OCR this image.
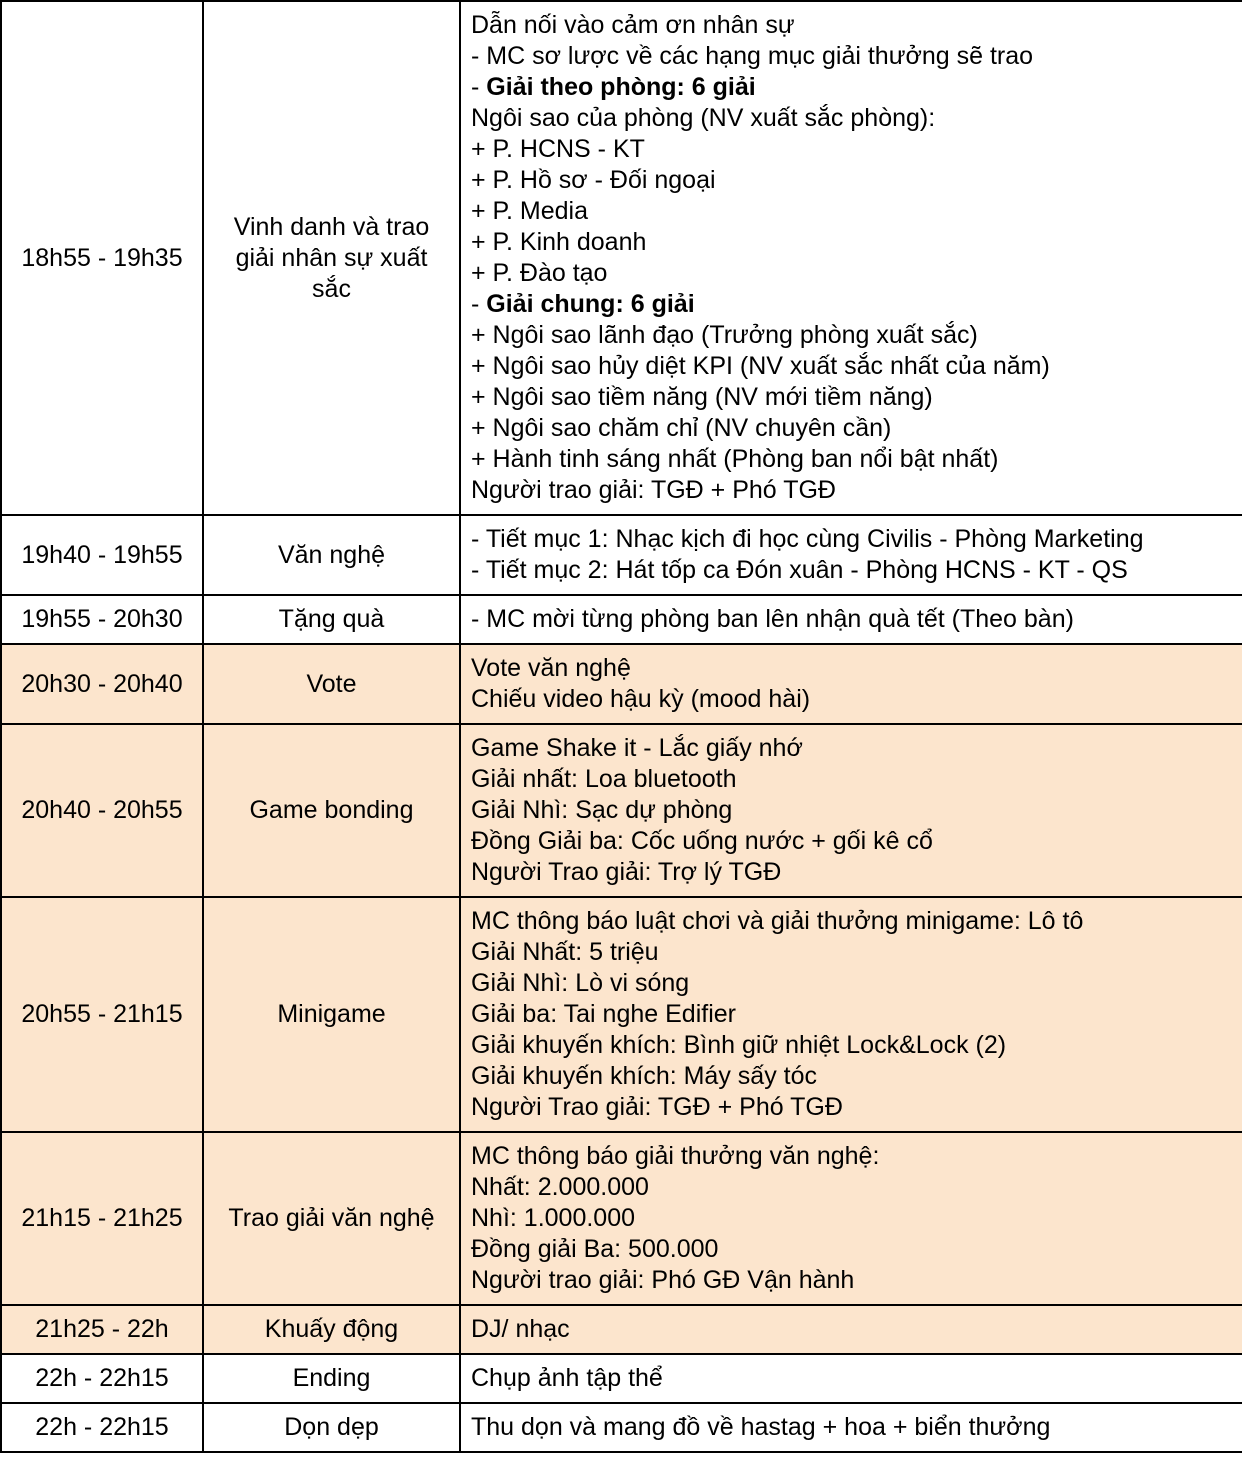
18h55 - 19h35	Vinh danh và trao giải nhân sự xuất sắc	
Dẫn nối vào cảm ơn nhân sự
- MC sơ lược về các hạng mục giải thưởng sẽ trao
- Giải theo phòng: 6 giải
Ngôi sao của phòng (NV xuất sắc phòng):
+ P. HCNS - KT
+ P. Hồ sơ - Đối ngoại
+ P. Media
+ P. Kinh doanh
+ P. Đào tạo
- Giải chung: 6 giải
+ Ngôi sao lãnh đạo (Trưởng phòng xuất sắc)
+ Ngôi sao hủy diệt KPI (NV xuất sắc nhất của năm)
+ Ngôi sao tiềm năng (NV mới tiềm năng)
+ Ngôi sao chăm chỉ (NV chuyên cần)
+ Hành tinh sáng nhất (Phòng ban nổi bật nhất)
Người trao giải: TGĐ + Phó TGĐ

19h40 - 19h55	Văn nghệ	- Tiết mục 1: Nhạc kịch đi học cùng Civilis - Phòng Marketing
- Tiết mục 2: Hát tốp ca Đón xuân - Phòng HCNS - KT - QS

19h55 - 20h30	Tặng quà	- MC mời từng phòng ban lên nhận quà tết (Theo bàn)

20h30 - 20h40	Vote	Vote văn nghệ
Chiếu video hậu kỳ (mood hài)

20h40 - 20h55	Game bonding	Game Shake it - Lắc giấy nhớ
Giải nhất: Loa bluetooth
Giải Nhì: Sạc dự phòng
Đồng Giải ba: Cốc uống nước + gối kê cổ
Người Trao giải: Trợ lý TGĐ

20h55 - 21h15	Minigame	
MC thông báo luật chơi và giải thưởng minigame: Lô tô
Giải Nhất: 5 triệu
Giải Nhì: Lò vi sóng
Giải ba: Tai nghe Edifier
Giải khuyến khích: Bình giữ nhiệt Lock&Lock (2)
Giải khuyến khích: Máy sấy tóc
Người Trao giải: TGĐ + Phó TGĐ

21h15 - 21h25	Trao giải văn nghệ	MC thông báo giải thưởng văn nghệ:
Nhất: 2.000.000
Nhì: 1.000.000
Đồng giải Ba: 500.000
Người trao giải: Phó GĐ Vận hành

21h25 - 22h	Khuấy động	DJ/ nhạc

22h - 22h15	Ending	Chụp ảnh tập thể

22h - 22h15	Dọn dẹp	Thu dọn và mang đồ về hastag + hoa + biển thưởng
